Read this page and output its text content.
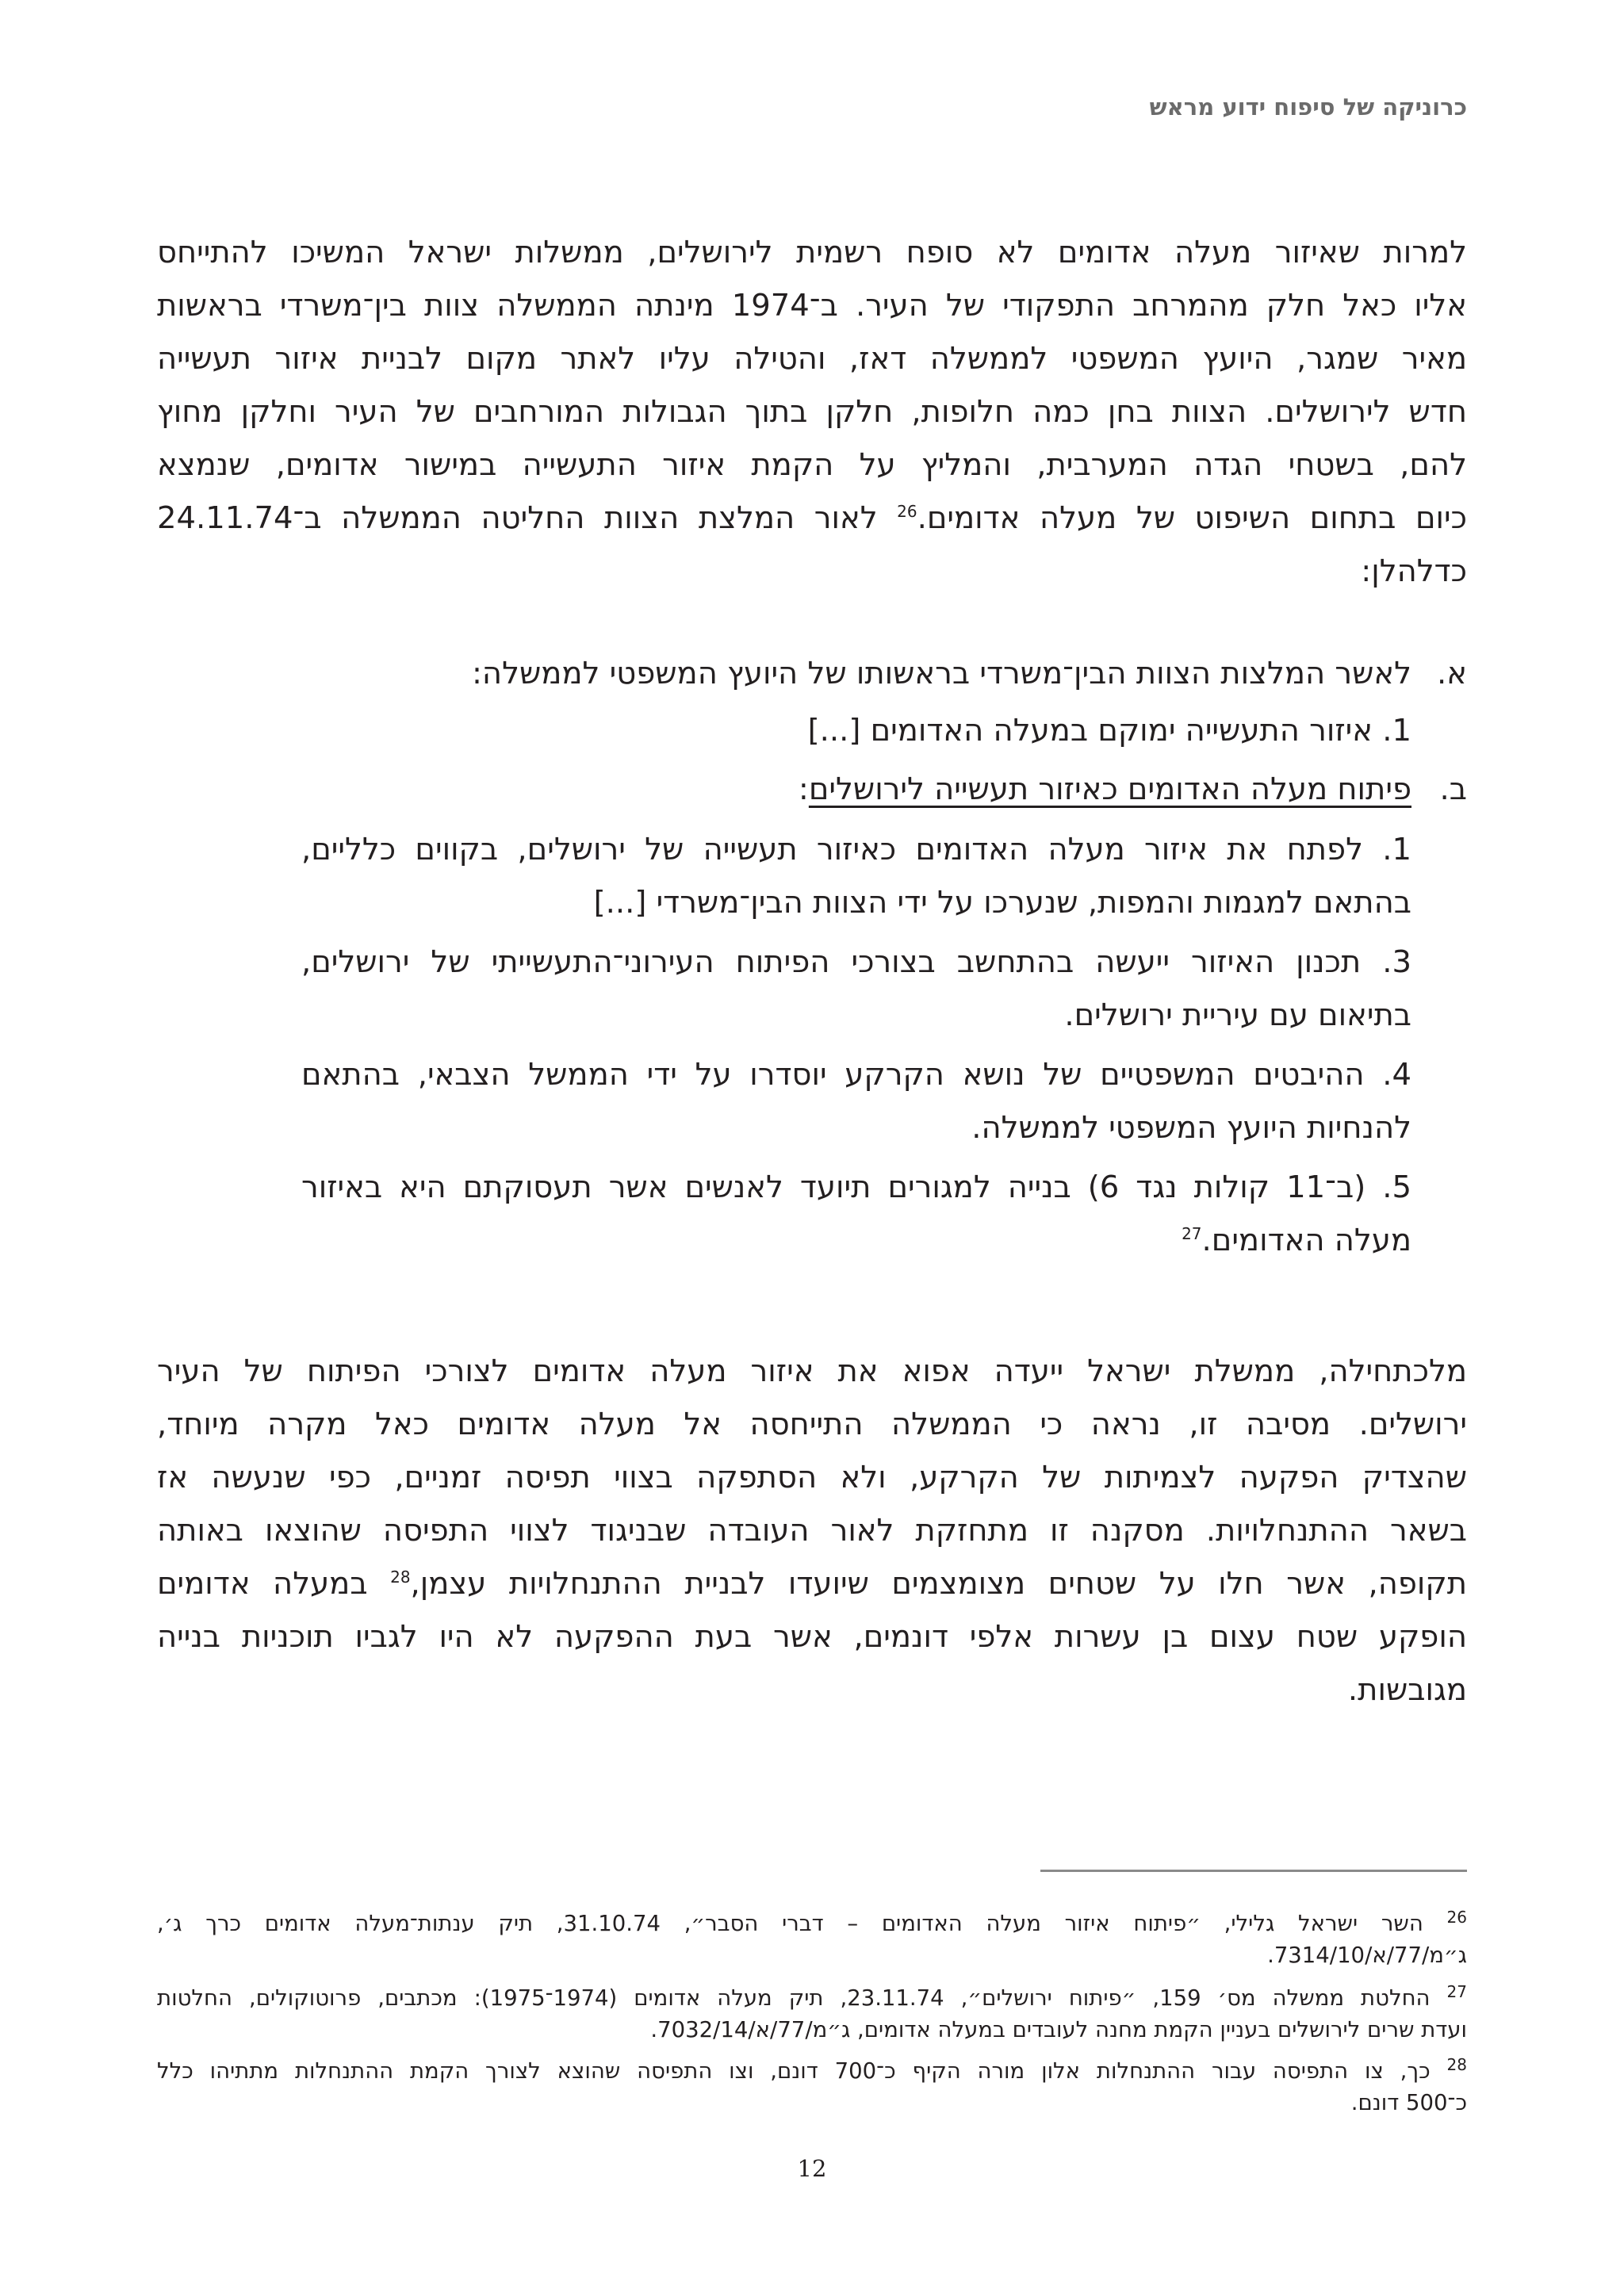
כרוניקה של סיפוח ידוע מראש
למרות שאיזור מעלה אדומים לא סופח רשמית לירושלים, ממשלות ישראל המשיכו להתייחס
אליו כאל חלק מהמרחב התפקודי של העיר. ב־1974 מינתה הממשלה צוות בין־משרדי בראשות
מאיר שמגר, היועץ המשפטי לממשלה דאז, והטילה עליו לאתר מקום לבניית איזור תעשייה
חדש לירושלים. הצוות בחן כמה חלופות, חלקן בתוך הגבולות המורחבים של העיר וחלקן מחוץ
להם, בשטחי הגדה המערבית, והמליץ על הקמת איזור התעשייה במישור אדומים, שנמצא
כיום בתחום השיפוט של מעלה אדומים.$^{26}$ לאור המלצת הצוות החליטה הממשלה ב־24.11.74
כדלהלן:
א.
לאשר המלצות הצוות הבין־משרדי בראשותו של היועץ המשפטי לממשלה:
1. איזור התעשייה ימוקם במעלה האדומים [...]
ב.
פיתוח מעלה האדומים כאיזור תעשייה לירושלים:
1. לפתח את איזור מעלה האדומים כאיזור תעשייה של ירושלים, בקווים כלליים,
בהתאם למגמות והמפות, שנערכו על ידי הצוות הבין־משרדי [...]
3. תכנון האיזור ייעשה בהתחשב בצורכי הפיתוח העירוני־התעשייתי של ירושלים,
בתיאום עם עיריית ירושלים.
4. ההיבטים המשפטיים של נושא הקרקע יוסדרו על ידי הממשל הצבאי, בהתאם
להנחיות היועץ המשפטי לממשלה.
5. (ב־11 קולות נגד 6) בנייה למגורים תיועד לאנשים אשר תעסוקתם היא באיזור
מעלה האדומים.$^{27}$
מלכתחילה, ממשלת ישראל ייעדה אפוא את איזור מעלה אדומים לצורכי הפיתוח של העיר
ירושלים. מסיבה זו, נראה כי הממשלה התייחסה אל מעלה אדומים כאל מקרה מיוחד,
שהצדיק הפקעה לצמיתות של הקרקע, ולא הסתפקה בצווי תפיסה זמניים, כפי שנעשה אז
בשאר ההתנחלויות. מסקנה זו מתחזקת לאור העובדה שבניגוד לצווי התפיסה שהוצאו באותה
תקופה, אשר חלו על שטחים מצומצמים שיועדו לבניית ההתנחלויות עצמן,$^{28}$ במעלה אדומים
הופקע שטח עצום בן עשרות אלפי דונמים, אשר בעת ההפקעה לא היו לגביו תוכניות בנייה
מגובשות.
$^{26}$ השר ישראל גלילי, ״פיתוח איזור מעלה האדומים – דברי הסבר״, 31.10.74, תיק ענתות־מעלה אדומים כרך ג׳,
ג״מ/77/א/7314/10.
$^{27}$ החלטת ממשלה מס׳ 159, ״פיתוח ירושלים״, 23.11.74, תיק מעלה אדומים (1974־1975): מכתבים, פרוטוקולים, החלטות
ועדת שרים לירושלים בעניין הקמת מחנה לעובדים במעלה אדומים, ג״מ/77/א/7032/14.
$^{28}$ כך, צו התפיסה עבור ההתנחלות אלון מורה הקיף כ־700 דונם, וצו התפיסה שהוצא לצורך הקמת ההתנחלות מתתיהו כלל
כ־500 דונם.
12
